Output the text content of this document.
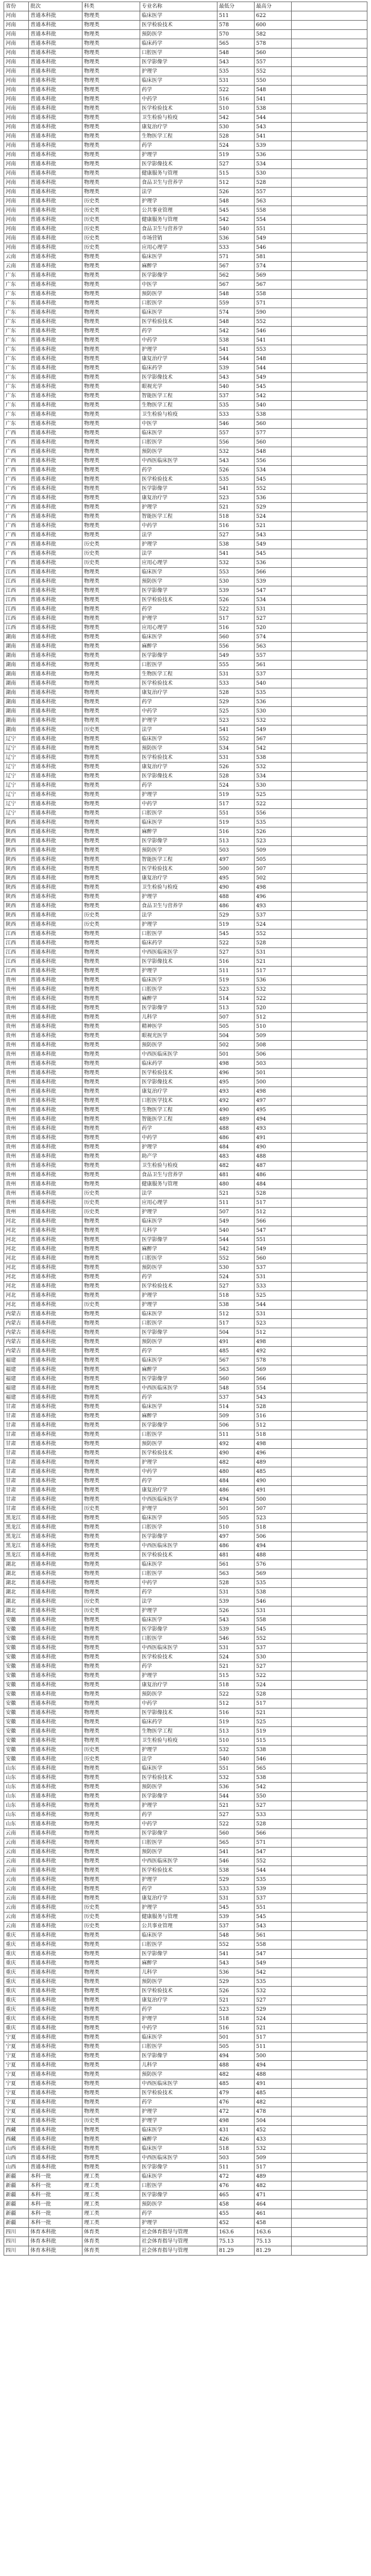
省份	批次	科类	专业名称	最低分	最高分	
河南	普通本科批	物理类	临床医学	511	622	
河南	普通本科批	物理类	医学检验技术	578	600	
河南	普通本科批	物理类	预防医学	570	582	
河南	普通本科批	物理类	临床药学	565	578	
河南	普通本科批	物理类	口腔医学	548	560	
河南	普通本科批	物理类	医学影像学	543	557	
河南	普通本科批	物理类	护理学	535	552	
河南	普通本科批	物理类	临床医学	531	550	
河南	普通本科批	物理类	药学	522	548	
河南	普通本科批	物理类	中药学	516	541	
河南	普通本科批	物理类	医学检验技术	510	538	
河南	普通本科批	物理类	卫生检验与检疫	542	544	
河南	普通本科批	物理类	康复治疗学	530	543	
河南	普通本科批	物理类	生物医学工程	528	541	
河南	普通本科批	物理类	药学	524	539	
河南	普通本科批	物理类	护理学	519	536	
河南	普通本科批	物理类	医学影像技术	527	534	
河南	普通本科批	物理类	健康服务与管理	515	530	
河南	普通本科批	物理类	食品卫生与营养学	512	528	
河南	普通本科批	物理类	法学	526	557	
河南	普通本科批	历史类	护理学	548	563	
河南	普通本科批	历史类	公共事业管理	545	558	
河南	普通本科批	历史类	健康服务与管理	542	554	
河南	普通本科批	历史类	食品卫生与营养学	540	551	
河南	普通本科批	历史类	市场营销	536	549	
河南	普通本科批	历史类	应用心理学	533	546	
云南	普通本科批	物理类	临床医学	571	581	
云南	普通本科批	物理类	麻醉学	567	574	
广东	普通本科批	物理类	医学影像学	562	569	
广东	普通本科批	物理类	中医学	567	567	
广东	普通本科批	物理类	预防医学	548	558	
广东	普通本科批	物理类	口腔医学	559	571	
广东	普通本科批	物理类	临床医学	574	590	
广东	普通本科批	物理类	医学检验技术	548	552	
广东	普通本科批	物理类	药学	542	546	
广东	普通本科批	物理类	中药学	538	541	
广东	普通本科批	物理类	护理学	541	553	
广东	普通本科批	物理类	康复治疗学	544	548	
广东	普通本科批	物理类	临床药学	539	544	
广东	普通本科批	物理类	医学影像技术	543	549	
广东	普通本科批	物理类	眼视光学	540	545	
广东	普通本科批	物理类	智能医学工程	537	542	
广东	普通本科批	物理类	生物医学工程	535	540	
广东	普通本科批	物理类	卫生检验与检疫	533	538	
广东	普通本科批	物理类	中医学	546	560	
广西	普通本科批	物理类	临床医学	557	577	
广西	普通本科批	物理类	口腔医学	556	560	
广西	普通本科批	物理类	预防医学	532	548	
广西	普通本科批	物理类	中西医临床医学	543	556	
广西	普通本科批	物理类	药学	526	534	
广西	普通本科批	物理类	医学检验技术	535	545	
广西	普通本科批	物理类	医学影像学	541	552	
广西	普通本科批	物理类	康复治疗学	523	536	
广西	普通本科批	物理类	护理学	521	529	
广西	普通本科批	物理类	智能医学工程	518	524	
广西	普通本科批	物理类	中药学	516	521	
广西	普通本科批	物理类	法学	527	543	
广西	普通本科批	历史类	护理学	538	549	
广西	普通本科批	历史类	法学	541	545	
广西	普通本科批	历史类	应用心理学	532	536	
江西	普通本科批	物理类	临床医学	553	566	
江西	普通本科批	物理类	预防医学	530	539	
江西	普通本科批	物理类	医学影像学	539	547	
江西	普通本科批	物理类	医学检验技术	526	534	
江西	普通本科批	物理类	药学	522	531	
江西	普通本科批	物理类	护理学	517	527	
江西	普通本科批	物理类	应用心理学	516	520	
湖南	普通本科批	物理类	临床医学	560	574	
湖南	普通本科批	物理类	麻醉学	556	563	
湖南	普通本科批	物理类	医学影像学	549	557	
湖南	普通本科批	物理类	口腔医学	555	561	
湖南	普通本科批	物理类	生物医学工程	531	537	
湖南	普通本科批	物理类	医学检验技术	533	540	
湖南	普通本科批	物理类	康复治疗学	528	535	
湖南	普通本科批	物理类	药学	529	536	
湖南	普通本科批	物理类	中药学	525	530	
湖南	普通本科批	物理类	护理学	523	532	
湖南	普通本科批	历史类	法学	541	549	
辽宁	普通本科批	物理类	临床医学	552	567	
辽宁	普通本科批	物理类	预防医学	534	542	
辽宁	普通本科批	物理类	医学检验技术	531	538	
辽宁	普通本科批	物理类	康复治疗学	526	532	
辽宁	普通本科批	物理类	医学影像技术	528	534	
辽宁	普通本科批	物理类	药学	524	530	
辽宁	普通本科批	物理类	护理学	519	525	
辽宁	普通本科批	物理类	中药学	517	522	
辽宁	普通本科批	物理类	口腔医学	551	556	
陕西	普通本科批	物理类	临床医学	519	535	
陕西	普通本科批	物理类	麻醉学	516	526	
陕西	普通本科批	物理类	医学影像学	513	523	
陕西	普通本科批	物理类	预防医学	503	509	
陕西	普通本科批	物理类	智能医学工程	497	505	
陕西	普通本科批	物理类	医学检验技术	500	507	
陕西	普通本科批	物理类	康复治疗学	495	502	
陕西	普通本科批	物理类	卫生检验与检疫	490	498	
陕西	普通本科批	物理类	护理学	488	496	
陕西	普通本科批	物理类	食品卫生与营养学	486	493	
陕西	普通本科批	历史类	法学	529	537	
陕西	普通本科批	历史类	护理学	519	524	
江西	普通本科批	物理类	口腔医学	545	552	
江西	普通本科批	物理类	临床药学	522	528	
江西	普通本科批	物理类	中西医临床医学	527	531	
江西	普通本科批	物理类	医学影像技术	516	521	
江西	普通本科批	物理类	护理学	511	517	
贵州	普通本科批	物理类	临床医学	519	536	
贵州	普通本科批	物理类	口腔医学	523	532	
贵州	普通本科批	物理类	麻醉学	514	522	
贵州	普通本科批	物理类	医学影像学	513	520	
贵州	普通本科批	物理类	儿科学	507	512	
贵州	普通本科批	物理类	精神医学	505	510	
贵州	普通本科批	物理类	眼视光医学	504	509	
贵州	普通本科批	物理类	预防医学	502	508	
贵州	普通本科批	物理类	中西医临床医学	501	506	
贵州	普通本科批	物理类	临床药学	498	503	
贵州	普通本科批	物理类	医学检验技术	496	501	
贵州	普通本科批	物理类	医学影像技术	495	500	
贵州	普通本科批	物理类	康复治疗学	493	498	
贵州	普通本科批	物理类	口腔医学技术	492	497	
贵州	普通本科批	物理类	生物医学工程	490	495	
贵州	普通本科批	物理类	智能医学工程	489	494	
贵州	普通本科批	物理类	药学	488	493	
贵州	普通本科批	物理类	中药学	486	491	
贵州	普通本科批	物理类	护理学	484	490	
贵州	普通本科批	物理类	助产学	483	488	
贵州	普通本科批	物理类	卫生检验与检疫	482	487	
贵州	普通本科批	物理类	食品卫生与营养学	481	486	
贵州	普通本科批	物理类	健康服务与管理	480	484	
贵州	普通本科批	历史类	法学	521	528	
贵州	普通本科批	历史类	应用心理学	511	517	
贵州	普通本科批	历史类	护理学	507	512	
河北	普通本科批	物理类	临床医学	549	566	
河北	普通本科批	物理类	儿科学	540	547	
河北	普通本科批	物理类	医学影像学	544	551	
河北	普通本科批	物理类	麻醉学	542	549	
河北	普通本科批	物理类	口腔医学	552	560	
河北	普通本科批	物理类	预防医学	530	537	
河北	普通本科批	物理类	药学	524	531	
河北	普通本科批	物理类	医学检验技术	527	533	
河北	普通本科批	物理类	护理学	518	525	
河北	普通本科批	历史类	护理学	538	544	
内蒙古	普通本科批	物理类	临床医学	512	531	
内蒙古	普通本科批	物理类	口腔医学	517	523	
内蒙古	普通本科批	物理类	医学影像学	504	512	
内蒙古	普通本科批	物理类	预防医学	491	498	
内蒙古	普通本科批	物理类	药学	485	492	
福建	普通本科批	物理类	临床医学	567	578	
福建	普通本科批	物理类	麻醉学	563	569	
福建	普通本科批	物理类	医学影像学	560	566	
福建	普通本科批	物理类	中西医临床医学	548	554	
福建	普通本科批	物理类	药学	537	543	
甘肃	普通本科批	物理类	临床医学	514	528	
甘肃	普通本科批	物理类	麻醉学	509	516	
甘肃	普通本科批	物理类	医学影像学	506	512	
甘肃	普通本科批	物理类	口腔医学	511	518	
甘肃	普通本科批	物理类	预防医学	492	498	
甘肃	普通本科批	物理类	医学检验技术	490	496	
甘肃	普通本科批	物理类	护理学	482	489	
甘肃	普通本科批	物理类	中药学	480	485	
甘肃	普通本科批	物理类	药学	484	490	
甘肃	普通本科批	物理类	康复治疗学	486	491	
甘肃	普通本科批	物理类	中西医临床医学	494	500	
甘肃	普通本科批	历史类	护理学	501	507	
黑龙江	普通本科批	物理类	临床医学	505	523	
黑龙江	普通本科批	物理类	口腔医学	510	518	
黑龙江	普通本科批	物理类	医学影像学	497	506	
黑龙江	普通本科批	物理类	中西医临床医学	486	494	
黑龙江	普通本科批	物理类	医学检验技术	481	488	
湖北	普通本科批	物理类	临床医学	561	576	
湖北	普通本科批	物理类	口腔医学	563	569	
湖北	普通本科批	物理类	中药学	528	535	
湖北	普通本科批	物理类	药学	531	538	
湖北	普通本科批	历史类	法学	539	546	
湖北	普通本科批	历史类	护理学	526	531	
安徽	普通本科批	物理类	临床医学	543	558	
安徽	普通本科批	物理类	医学影像学	539	545	
安徽	普通本科批	物理类	口腔医学	546	552	
安徽	普通本科批	物理类	中西医临床医学	531	537	
安徽	普通本科批	物理类	医学检验技术	524	530	
安徽	普通本科批	物理类	药学	521	527	
安徽	普通本科批	物理类	护理学	515	522	
安徽	普通本科批	物理类	康复治疗学	518	524	
安徽	普通本科批	物理类	预防医学	522	528	
安徽	普通本科批	物理类	中药学	512	517	
安徽	普通本科批	物理类	医学影像技术	516	521	
安徽	普通本科批	物理类	临床药学	519	525	
安徽	普通本科批	物理类	生物医学工程	513	519	
安徽	普通本科批	物理类	卫生检验与检疫	510	515	
安徽	普通本科批	历史类	护理学	532	538	
安徽	普通本科批	历史类	法学	540	546	
山东	普通本科批	物理类	临床医学	551	565	
山东	普通本科批	物理类	医学检验技术	532	538	
山东	普通本科批	物理类	预防医学	536	542	
山东	普通本科批	物理类	医学影像学	544	550	
山东	普通本科批	物理类	护理学	521	527	
山东	普通本科批	物理类	药学	527	533	
山东	普通本科批	物理类	中药学	522	528	
云南	普通本科批	物理类	医学影像学	560	566	
云南	普通本科批	物理类	口腔医学	565	571	
云南	普通本科批	物理类	预防医学	541	547	
云南	普通本科批	物理类	中西医临床医学	546	552	
云南	普通本科批	物理类	医学检验技术	538	544	
云南	普通本科批	物理类	护理学	529	535	
云南	普通本科批	物理类	药学	533	539	
云南	普通本科批	物理类	康复治疗学	531	537	
云南	普通本科批	历史类	护理学	545	551	
云南	普通本科批	历史类	健康服务与管理	539	545	
云南	普通本科批	历史类	公共事业管理	537	543	
重庆	普通本科批	物理类	临床医学	548	561	
重庆	普通本科批	物理类	口腔医学	552	558	
重庆	普通本科批	物理类	医学影像学	541	547	
重庆	普通本科批	物理类	麻醉学	543	549	
重庆	普通本科批	物理类	儿科学	536	542	
重庆	普通本科批	物理类	预防医学	529	535	
重庆	普通本科批	物理类	医学检验技术	526	532	
重庆	普通本科批	物理类	康复治疗学	521	527	
重庆	普通本科批	物理类	药学	523	529	
重庆	普通本科批	物理类	护理学	518	524	
重庆	普通本科批	物理类	中药学	516	521	
宁夏	普通本科批	物理类	临床医学	501	517	
宁夏	普通本科批	物理类	口腔医学	505	511	
宁夏	普通本科批	物理类	医学影像学	494	500	
宁夏	普通本科批	物理类	儿科学	488	494	
宁夏	普通本科批	物理类	预防医学	482	488	
宁夏	普通本科批	物理类	中西医临床医学	485	491	
宁夏	普通本科批	物理类	医学检验技术	479	485	
宁夏	普通本科批	物理类	药学	476	482	
宁夏	普通本科批	物理类	护理学	472	478	
宁夏	普通本科批	历史类	护理学	498	504	
西藏	普通本科批	物理类	临床医学	431	452	
西藏	普通本科批	物理类	麻醉学	426	433	
山西	普通本科批	物理类	临床医学	518	532	
山西	普通本科批	物理类	中西医临床医学	503	509	
山西	普通本科批	物理类	医学影像学	511	517	
新疆	本科一批	理工类	临床医学	472	489	
新疆	本科一批	理工类	口腔医学	476	482	
新疆	本科一批	理工类	医学影像学	465	471	
新疆	本科一批	理工类	预防医学	458	464	
新疆	本科一批	理工类	药学	455	461	
新疆	本科一批	理工类	护理学	452	458	
四川	体育本科批	体育类	社会体育指导与管理	163.6	163.6	
四川	体育本科批	体育类	社会体育指导与管理	75.13	75.13	
四川	体育本科批	体育类	社会体育指导与管理	81.29	81.29	
